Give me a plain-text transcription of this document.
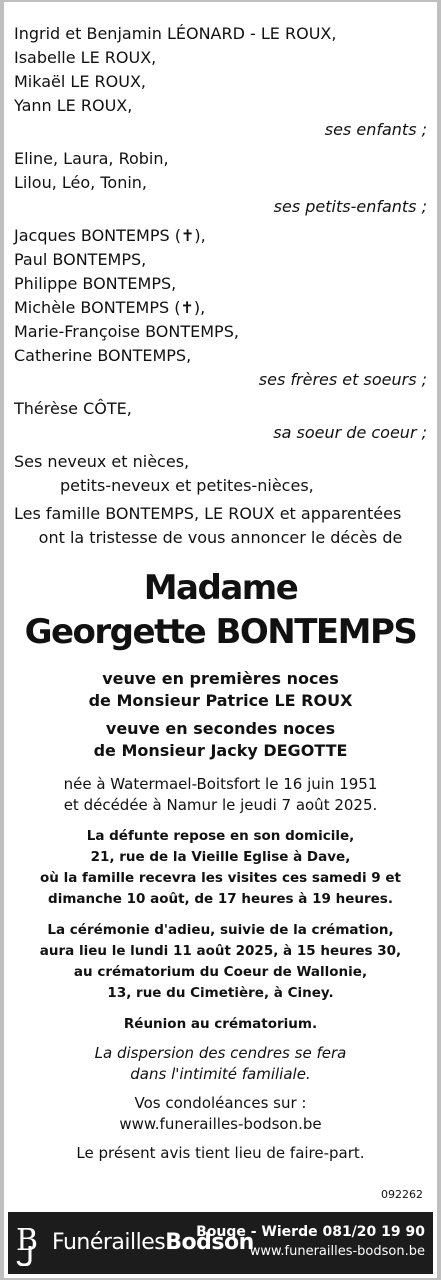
Ingrid et Benjamin LÉONARD - LE ROUX,
Isabelle LE ROUX,
Mikaël LE ROUX,
Yann LE ROUX,
ses enfants ;
Eline, Laura, Robin,
Lilou, Léo, Tonin,
ses petits-enfants ;
Jacques BONTEMPS (✝),
Paul BONTEMPS,
Philippe BONTEMPS,
Michèle BONTEMPS (✝),
Marie-Françoise BONTEMPS,
Catherine BONTEMPS,
ses frères et soeurs ;
Thérèse CÔTE,
sa soeur de coeur ;
Ses neveux et nièces,
petits-neveux et petites-nièces,
Les famille BONTEMPS, LE ROUX et apparentées
ont la tristesse de vous annoncer le décès de
Madame
Georgette BONTEMPS
veuve en premières noces
de Monsieur Patrice LE ROUX
veuve en secondes noces
de Monsieur Jacky DEGOTTE
née à Watermael-Boitsfort le 16 juin 1951
et décédée à Namur le jeudi 7 août 2025.
La défunte repose en son domicile,
21, rue de la Vieille Eglise à Dave,
où la famille recevra les visites ces samedi 9 et
dimanche 10 août, de 17 heures à 19 heures.
La cérémonie d'adieu, suivie de la crémation,
aura lieu le lundi 11 août 2025, à 15 heures 30,
au crématorium du Coeur de Wallonie,
13, rue du Cimetière, à Ciney.
Réunion au crématorium.
La dispersion des cendres se fera
dans l'intimité familiale.
Vos condoléances sur :
www.funerailles-bodson.be
Le présent avis tient lieu de faire-part.
092262
B FunéraillesBodson
Bouge - Wierde 081/20 19 90
www.funerailles-bodson.be
